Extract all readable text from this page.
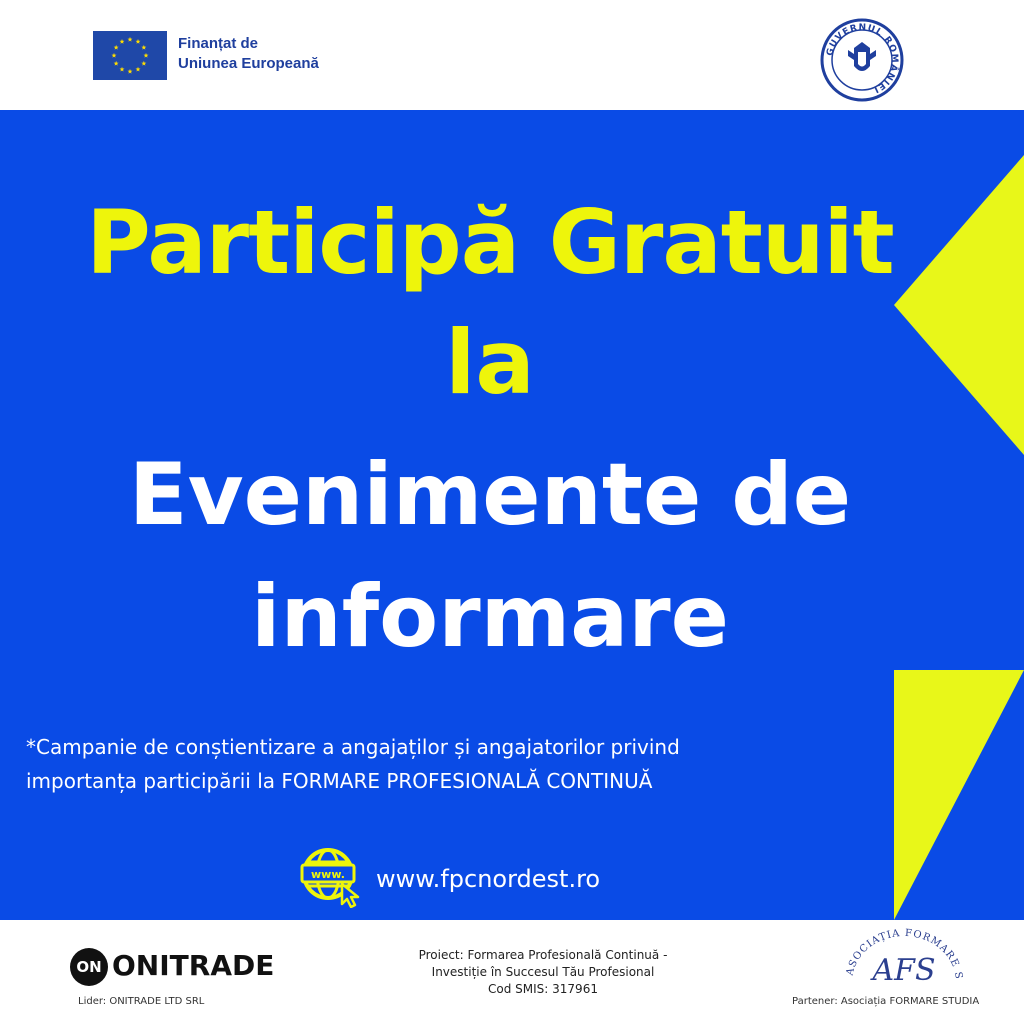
Finanțat de
Uniunea Europeană
GUVERNUL ROMÂNIEI
Participă Gratuit
la
Evenimente de
informare
*Campanie de conștientizare a angajaților și angajatorilor privind
importanța participării la FORMARE PROFESIONALĂ CONTINUĂ
www. www.fpcnordest.ro
ON ONITRADE
Lider: ONITRADE LTD SRL
Proiect: Formarea Profesională Continuă -
Investiție în Succesul Tău Profesional
Cod SMIS: 317961
ASOCIAȚIA FORMARE S
AFS
Partener: Asociația FORMARE STUDIA
